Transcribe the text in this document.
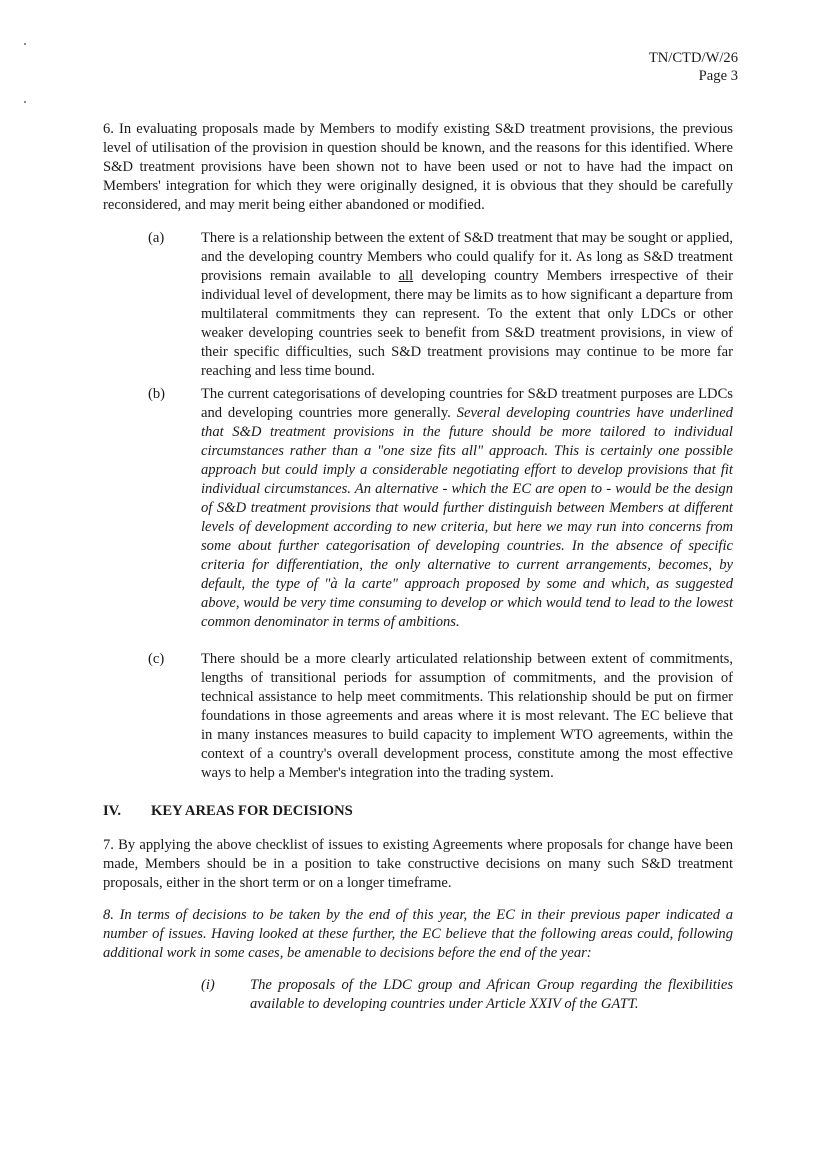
TN/CTD/W/26
Page 3

6. In evaluating proposals made by Members to modify existing S&D treatment provisions, the previous level of utilisation of the provision in question should be known, and the reasons for this identified. Where S&D treatment provisions have been shown not to have been used or not to have had the impact on Members' integration for which they were originally designed, it is obvious that they should be carefully reconsidered, and may merit being either abandoned or modified.

(a)	There is a relationship between the extent of S&D treatment that may be sought or applied, and the developing country Members who could qualify for it. As long as S&D treatment provisions remain available to all developing country Members irrespective of their individual level of development, there may be limits as to how significant a departure from multilateral commitments they can represent. To the extent that only LDCs or other weaker developing countries seek to benefit from S&D treatment provisions, in view of their specific difficulties, such S&D treatment provisions may continue to be more far reaching and less time bound.

(b) The current categorisations of developing countries for S&D treatment purposes are LDCs and developing countries more generally. Several developing countries have underlined that S&D treatment provisions in the future should be more tailored to individual circumstances rather than a "one size fits all" approach. This is certainly one possible approach but could imply a considerable negotiating effort to develop provisions that fit individual circumstances. An alternative - which the EC are open to - would be the design of S&D treatment provisions that would further distinguish between Members at different levels of development according to new criteria, but here we may run into concerns from some about further categorisation of developing countries. In the absence of specific criteria for differentiation, the only alternative to current arrangements, becomes, by default, the type of "à la carte" approach proposed by some and which, as suggested above, would be very time consuming to develop or which would tend to lead to the lowest common denominator in terms of ambitions.

(c)	There should be a more clearly articulated relationship between extent of commitments, lengths of transitional periods for assumption of commitments, and the provision of technical assistance to help meet commitments. This relationship should be put on firmer foundations in those agreements and areas where it is most relevant. The EC believe that in many instances measures to build capacity to implement WTO agreements, within the context of a country's overall development process, constitute among the most effective ways to help a Member's integration into the trading system.

IV. KEY AREAS FOR DECISIONS

7. By applying the above checklist of issues to existing Agreements where proposals for change have been made, Members should be in a position to take constructive decisions on many such S&D treatment proposals, either in the short term or on a longer timeframe.

8. In terms of decisions to be taken by the end of this year, the EC in their previous paper indicated a number of issues. Having looked at these further, the EC believe that the following areas could, following additional work in some cases, be amenable to decisions before the end of the year:

(i) The proposals of the LDC group and African Group regarding the flexibilities available to developing countries under Article XXIV of the GATT.
